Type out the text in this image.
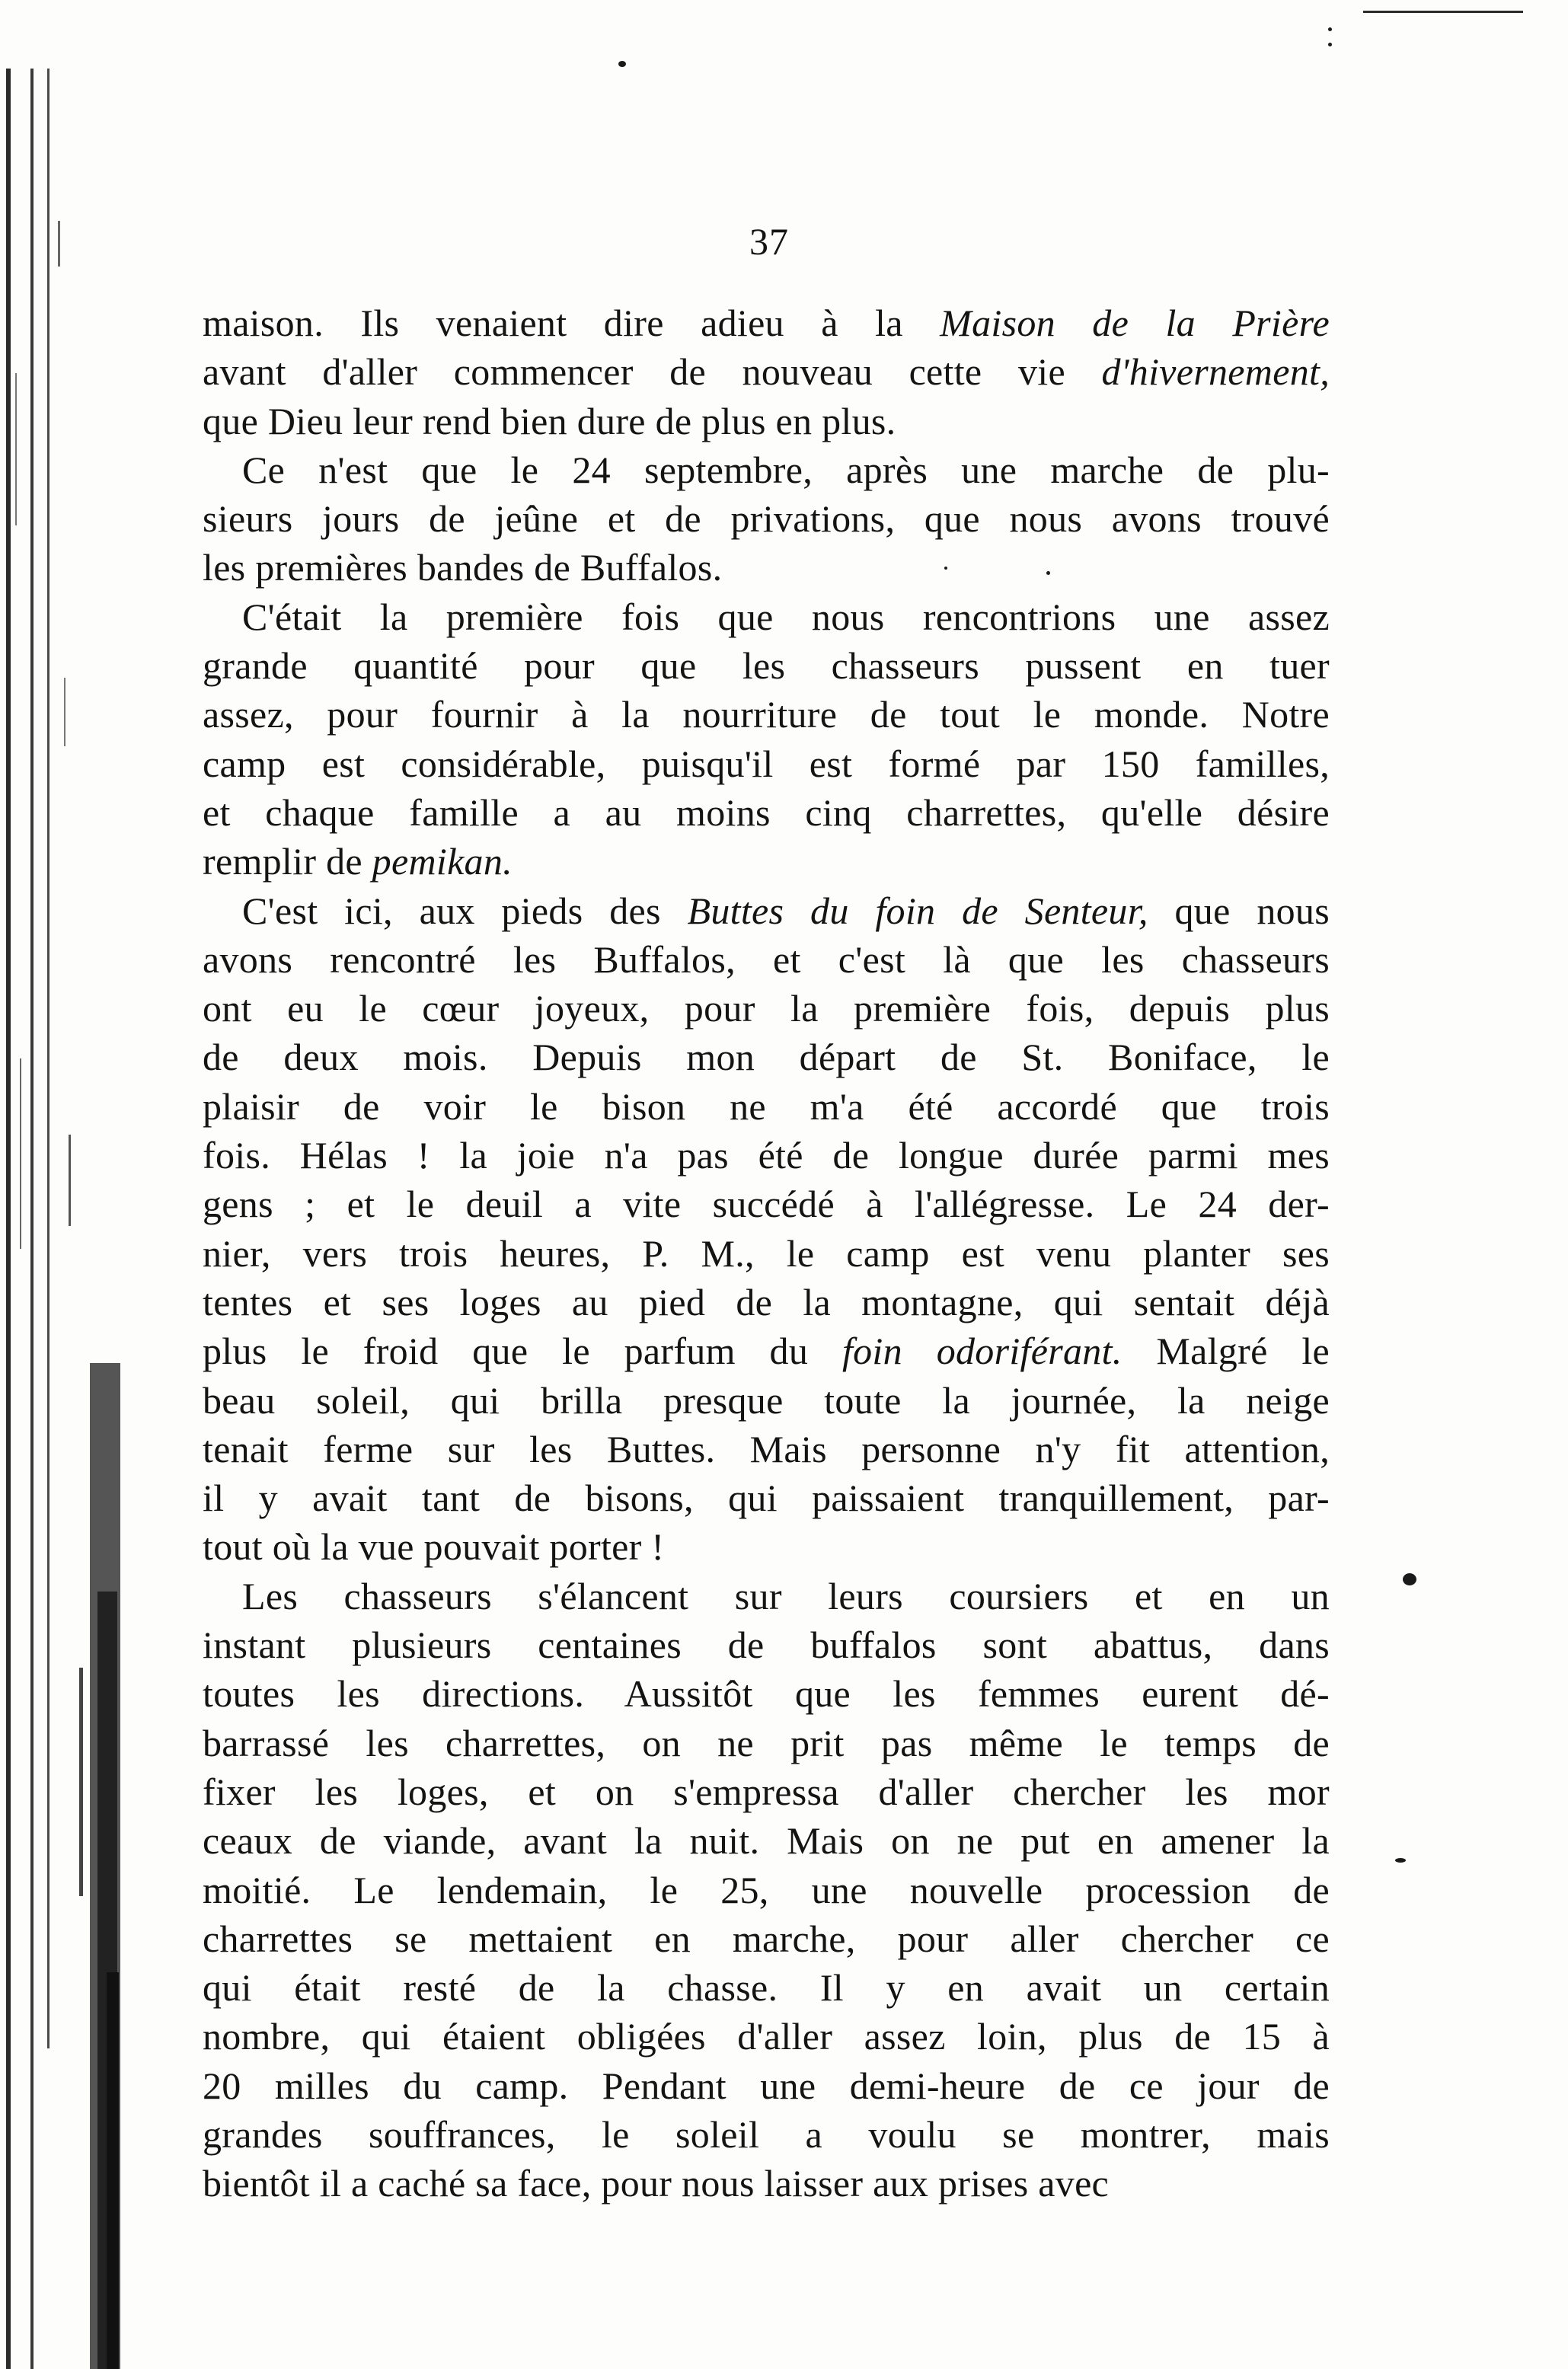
37
maison. Ils venaient dire adieu à la Maison de la Prière
avant d'aller commencer de nouveau cette vie d'hivernement,
que Dieu leur rend bien dure de plus en plus.
Ce n'est que le 24 septembre, après une marche de plu-
sieurs jours de jeûne et de privations, que nous avons trouvé
les premières bandes de Buffalos.
C'était la première fois que nous rencontrions une assez
grande quantité pour que les chasseurs pussent en tuer
assez, pour fournir à la nourriture de tout le monde. Notre
camp est considérable, puisqu'il est formé par 150 familles,
et chaque famille a au moins cinq charrettes, qu'elle désire
remplir de pemikan.
C'est ici, aux pieds des Buttes du foin de Senteur, que nous
avons rencontré les Buffalos, et c'est là que les chasseurs
ont eu le cœur joyeux, pour la première fois, depuis plus
de deux mois. Depuis mon départ de St. Boniface, le
plaisir de voir le bison ne m'a été accordé que trois
fois. Hélas ! la joie n'a pas été de longue durée parmi mes
gens ; et le deuil a vite succédé à l'allégresse. Le 24 der-
nier, vers trois heures, P. M., le camp est venu planter ses
tentes et ses loges au pied de la montagne, qui sentait déjà
plus le froid que le parfum du foin odoriférant. Malgré le
beau soleil, qui brilla presque toute la journée, la neige
tenait ferme sur les Buttes. Mais personne n'y fit attention,
il y avait tant de bisons, qui paissaient tranquillement, par-
tout où la vue pouvait porter !
Les chasseurs s'élancent sur leurs coursiers et en un
instant plusieurs centaines de buffalos sont abattus, dans
toutes les directions. Aussitôt que les femmes eurent dé-
barrassé les charrettes, on ne prit pas même le temps de
fixer les loges, et on s'empressa d'aller chercher les mor
ceaux de viande, avant la nuit. Mais on ne put en amener la
moitié. Le lendemain, le 25, une nouvelle procession de
charrettes se mettaient en marche, pour aller chercher ce
qui était resté de la chasse. Il y en avait un certain
nombre, qui étaient obligées d'aller assez loin, plus de 15 à
20 milles du camp. Pendant une demi-heure de ce jour de
grandes souffrances, le soleil a voulu se montrer, mais
bientôt il a caché sa face, pour nous laisser aux prises avec
